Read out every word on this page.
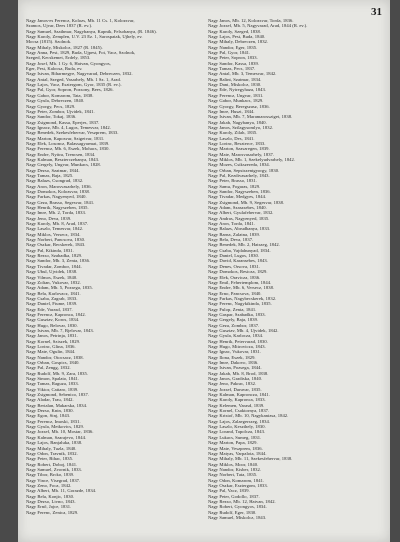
31
Nagy Janos-es Ferencz, Kolozs, Mb. 11 Cs. 1, Kolozsvar,
Szamos, Ujvar, Dees 1837 (R. ev.).
Nagy Samuel, Szathmar, Nagybanya, Kapnik, Felsobanya, (R. 1846).
Nagy Karoly, Zemplen, U.V. 23 Ez. 1, Sarospatak, Ujhely, ev.
Mocsa (1815). Szolnok.
Nagy Mihaly, Miskolcz, 1827 (R. 1845).
Nagy Anna, Pest, 1829, Buda, Ujpest, Fot, Vacz, Szolnok,
Szeged, Kecskemet, Erdely, 1853.
Nagy Josef, Mb. 1 Gy. 6, Hatvan, Gyongyos,
Eger, Pest, Kalocsa, Buda, ev.
Nagy Istvan, Biharmegye, Nagyvarad, Debreczen, 1832.
Nagy Antal, Szeged, Vasarhely, Mb. 1 Sz. 1, Arad.
Nagy Lajos, Vacz, Esztergom, Gyor, 1835 (R. ev.).
Nagy Pal, Gyor, Sopron, Pozsony, Bees, 1826.
Nagy Gabor, Komarom, Tata, 1838.
Nagy Gyula, Debreczen, 1840.
Nagy Gyorgy, Pecs, 1829.
Nagy Peter, Zombor, Ujvidek, 1841.
Nagy Sandor, Tokaj, 1836.
Nagy Zsigmond, Kassa, Eperjes, 1837.
Nagy Ignacz, Mb. 4, Lugos, Temesvar, 1842.
Nagy Benedek, Szekesfehervar, Veszprem, 1833.
Nagy Marton, Kaposvar, Szigetvar, 1831.
Nagy Elek, Losoncz, Balassagyarmat, 1839.
Nagy Ferencz, Mb. 6, Eszek, Mohacs, 1830.
Nagy Endre, Nyitra, Trencsen, 1834.
Nagy Kalman, Beszterczebanya, 1843.
Nagy Gergely, Ungvar, Munkacs, 1828.
Nagy Dezso, Szatmar, 1844.
Nagy Tamas, Baja, 1825.
Nagy Balazs, Csongrad, 1832.
Nagy Aron, Marosvasarhely, 1836.
Nagy Domokos, Kolozsvar, 1838.
Nagy Farkas, Nagyenyed, 1840.
Nagy Geza, Brasso, Segesvar, 1841.
Nagy Henrik, Nagyszeben, 1835.
Nagy Imre, Mb. 2, Torda, 1833.
Nagy Jeno, Deva, 1839.
Nagy Karoly, Mb. 8, Arad, 1837.
Nagy Laszlo, Temesvar, 1842.
Nagy Miklos, Versecz, 1834.
Nagy Norbert, Pancsova, 1830.
Nagy Oszkar, Becskerek, 1843.
Nagy Pal, Kikinda, 1831.
Nagy Rezso, Szabadka, 1829.
Nagy Sandor, Mb. 3, Zenta, 1836.
Nagy Tivadar, Zombor, 1844.
Nagy Ubul, Ujvidek, 1838.
Nagy Vilmos, Eszek, 1840.
Nagy Zoltan, Vukovar, 1832.
Nagy Adam, Mb. 5, Pozsega, 1835.
Nagy Bela, Karlovacz, 1841.
Nagy Csaba, Zagrab, 1833.
Nagy Daniel, Fiume, 1839.
Nagy Ede, Varasd, 1837.
Nagy Ferencz, Kapronca, 1842.
Nagy Gusztav, Koros, 1834.
Nagy Hugo, Belovar, 1830.
Nagy Istvan, Mb. 7, Bjelovar, 1843.
Nagy Janos, Petrinja, 1831.
Nagy Kornel, Sziszek, 1829.
Nagy Lorinc, Glina, 1836.
Nagy Mate, Ogulin, 1844.
Nagy Nandor, Otocsacz, 1838.
Nagy Orban, Gospics, 1840.
Nagy Pal, Zengg, 1832.
Nagy Rudolf, Mb. 9, Zara, 1835.
Nagy Simon, Spalato, 1841.
Nagy Tamas, Raguza, 1833.
Nagy Viktor, Cattaro, 1839.
Nagy Zsigmond, Sebenico, 1837.
Nagy Aladar, Trau, 1842.
Nagy Bertalan, Makarska, 1834.
Nagy Dezso, Knin, 1830.
Nagy Egon, Sinj, 1843.
Nagy Ferencz, Imoski, 1831.
Nagy Gyula, Metkovics, 1829.
Nagy Jozsef, Mb. 10, Mostar, 1836.
Nagy Kalman, Szarajevo, 1844.
Nagy Lajos, Banjaluka, 1838.
Nagy Mihaly, Tuzla, 1840.
Nagy Odon, Travnik, 1832.
Nagy Peter, Bihac, 1835.
Nagy Robert, Doboj, 1841.
Nagy Samuel, Zvornik, 1833.
Nagy Tibor, Brcko, 1839.
Nagy Vince, Visegrad, 1837.
Nagy Zeno, Foca, 1842.
Nagy Albert, Mb. 11, Gorazde, 1834.
Nagy Bela, Konjic, 1830.
Nagy Dezso, Livno, 1843.
Nagy Ernő, Jajce, 1831.
Nagy Ferenc, Zenica, 1829.
Nagy Janos, Mb. 12, Kolozsvar, Torda, 1836.
Nagy Jozsef, Mb. 5, Nagyvarad, Arad, 1844 (R. ev.).
Nagy Karoly, Szeged, 1838.
Nagy Lajos, Pest, Buda, 1840.
Nagy Mihaly, Debreczen, 1832.
Nagy Nandor, Eger, 1835.
Nagy Pal, Gyor, 1841.
Nagy Peter, Sopron, 1833.
Nagy Sandor, Kassa, 1839.
Nagy Tamas, Pecs, 1837.
Nagy Antal, Mb. 3, Temesvar, 1842.
Nagy Balint, Szatmar, 1834.
Nagy Dani, Miskolcz, 1830.
Nagy Ede, Nyiregyhaza, 1843.
Nagy Ferencz, Ungvar, 1831.
Nagy Gabor, Munkacs, 1829.
Nagy Gyorgy, Beregszasz, 1836.
Nagy Imre, Huszt, 1844.
Nagy Istvan, Mb. 7, Maramarossziget, 1838.
Nagy Jakab, Nagybanya, 1840.
Nagy Janos, Szilagysomlyo, 1832.
Nagy Karoly, Zilah, 1835.
Nagy Laszlo, Des, 1841.
Nagy Lorinc, Beszterce, 1833.
Nagy Marton, Szaszregen, 1839.
Nagy Mate, Marosvasarhely, 1837.
Nagy Miklos, Mb. 1, Szekelyudvarhely, 1842.
Nagy Mozes, Csikszereda, 1834.
Nagy Orban, Sepsiszentgyorgy, 1830.
Nagy Pal, Kezdivasarhely, 1843.
Nagy Peter, Brasso, 1831.
Nagy Samu, Fogaras, 1829.
Nagy Sandor, Nagyszeben, 1836.
Nagy Tivadar, Medgyes, 1844.
Nagy Zsigmond, Mb. 9, Segesvar, 1838.
Nagy Adam, Szaszsebes, 1840.
Nagy Albert, Gyulafehervar, 1832.
Nagy Andras, Nagyenyed, 1835.
Nagy Aron, Torda, 1841.
Nagy Balazs, Abrudbanya, 1833.
Nagy Barna, Zalatna, 1839.
Nagy Bela, Deva, 1837.
Nagy Benedek, Mb. 2, Hatszeg, 1842.
Nagy Csaba, Vajdahunyad, 1834.
Nagy Daniel, Lugos, 1830.
Nagy David, Karansebes, 1843.
Nagy Denes, Orsova, 1831.
Nagy Domokos, Resicza, 1829.
Nagy Elek, Oravicza, 1836.
Nagy Emil, Fehertemplom, 1844.
Nagy Endre, Mb. 6, Versecz, 1838.
Nagy Erno, Pancsova, 1840.
Nagy Farkas, Nagybecskerek, 1832.
Nagy Ferenc, Nagykikinda, 1835.
Nagy Fulop, Zenta, 1841.
Nagy Gaspar, Szabadka, 1833.
Nagy Gergely, Baja, 1839.
Nagy Geza, Zombor, 1837.
Nagy Gusztav, Mb. 4, Ujvidek, 1842.
Nagy Gyula, Karlocza, 1834.
Nagy Henrik, Petervarad, 1830.
Nagy Hugo, Mitrovicza, 1843.
Nagy Ignac, Vukovar, 1831.
Nagy Ilona, Eszek, 1829.
Nagy Imre, Dakovo, 1836.
Nagy Istvan, Pozsega, 1844.
Nagy Jakab, Mb. 8, Brod, 1838.
Nagy Janos, Gradiska, 1840.
Nagy Jeno, Pakrac, 1832.
Nagy Jozsef, Daruvar, 1835.
Nagy Kalman, Kaproncza, 1841.
Nagy Karoly, Kapronca, 1833.
Nagy Kelemen, Varasd, 1839.
Nagy Kornel, Csaktornya, 1837.
Nagy Kristof, Mb. 10, Nagykanizsa, 1842.
Nagy Lajos, Zalaegerszeg, 1834.
Nagy Laszlo, Keszthely, 1830.
Nagy Lorand, Tapolcza, 1843.
Nagy Lukacs, Sumeg, 1831.
Nagy Marton, Papa, 1829.
Nagy Mate, Veszprem, 1836.
Nagy Matyas, Varpalota, 1844.
Nagy Mihaly, Mb. 11, Szekesfehervar, 1838.
Nagy Miklos, Moor, 1840.
Nagy Nandor, Kisber, 1832.
Nagy Norbert, Tata, 1835.
Nagy Odon, Komarom, 1841.
Nagy Oszkar, Esztergom, 1833.
Nagy Pal, Vacz, 1839.
Nagy Peter, Godollo, 1837.
Nagy Rezso, Mb. 12, Hatvan, 1842.
Nagy Robert, Gyongyos, 1834.
Nagy Rudolf, Eger, 1830.
Nagy Samuel, Miskolcz, 1843.
